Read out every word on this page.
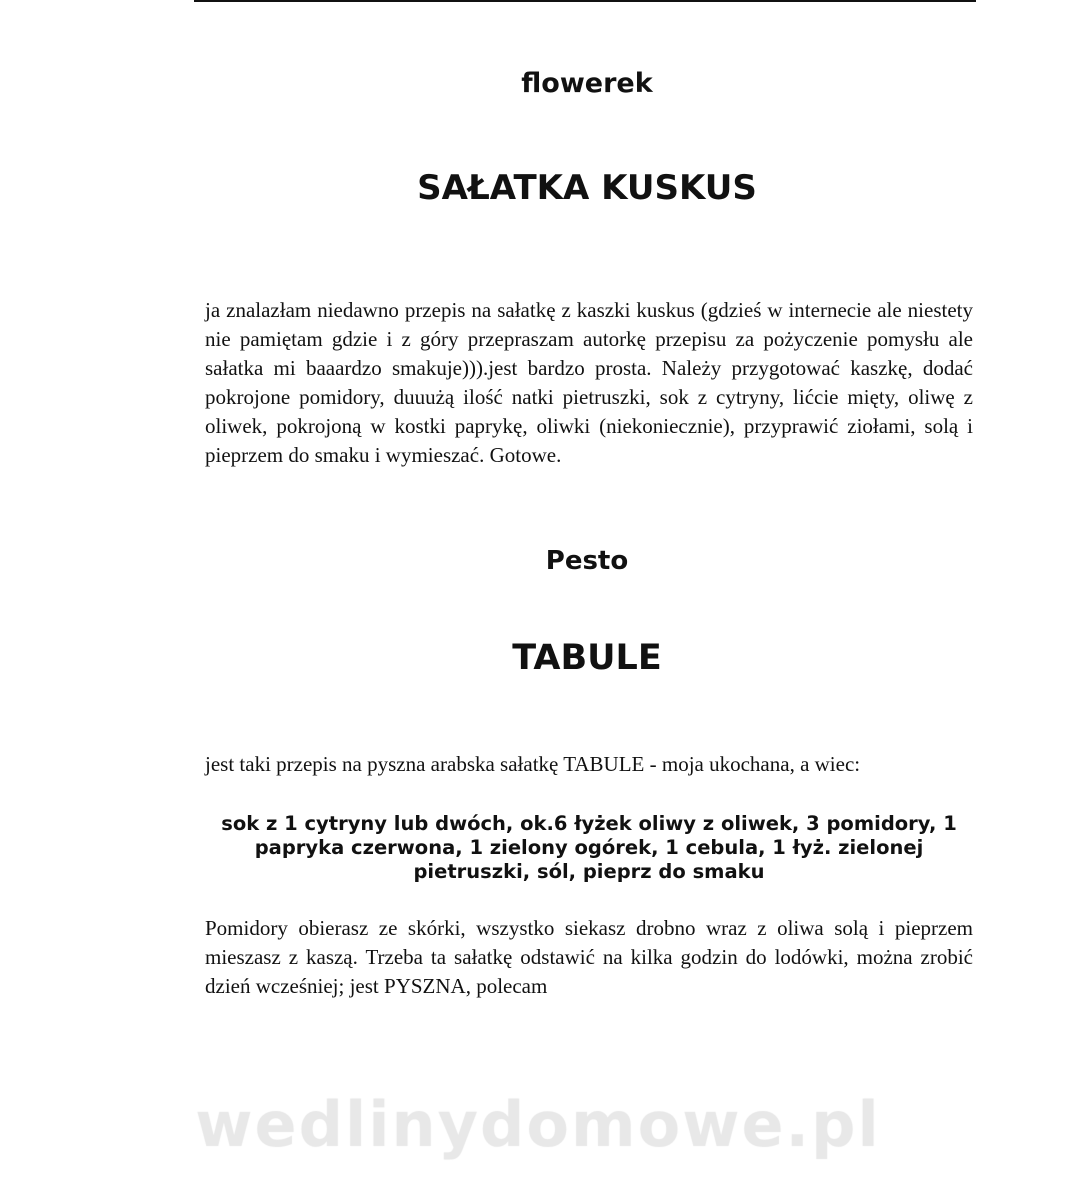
flowerek
SAŁATKA KUSKUS

ja znalazłam niedawno przepis na sałatkę z kaszki kuskus (gdzieś w internecie ale niestety nie pamiętam gdzie i z góry przepraszam autorkę przepisu za pożyczenie pomysłu ale sałatka mi baaardzo smakuje))).jest bardzo prosta. Należy przygotować kaszkę, dodać pokrojone pomidory, duuużą ilość natki pietruszki, sok z cytryny, lićcie mięty, oliwę z oliwek, pokrojoną w kostki paprykę, oliwki (niekoniecznie), przyprawić ziołami, solą i pieprzem do smaku i wymieszać. Gotowe.

Pesto
TABULE

jest taki przepis na pyszna arabska sałatkę TABULE - moja ukochana, a wiec:

sok z 1 cytryny lub dwóch, ok.6 łyżek oliwy z oliwek, 3 pomidory, 1 papryka czerwona, 1 zielony ogórek, 1 cebula, 1 łyż. zielonej pietruszki, sól, pieprz do smaku

Pomidory obierasz ze skórki, wszystko siekasz drobno wraz z oliwa solą i pieprzem mieszasz z kaszą. Trzeba ta sałatkę odstawić na kilka godzin do lodówki, można zrobić dzień wcześniej; jest PYSZNA, polecam

wedlinydomowe.pl
